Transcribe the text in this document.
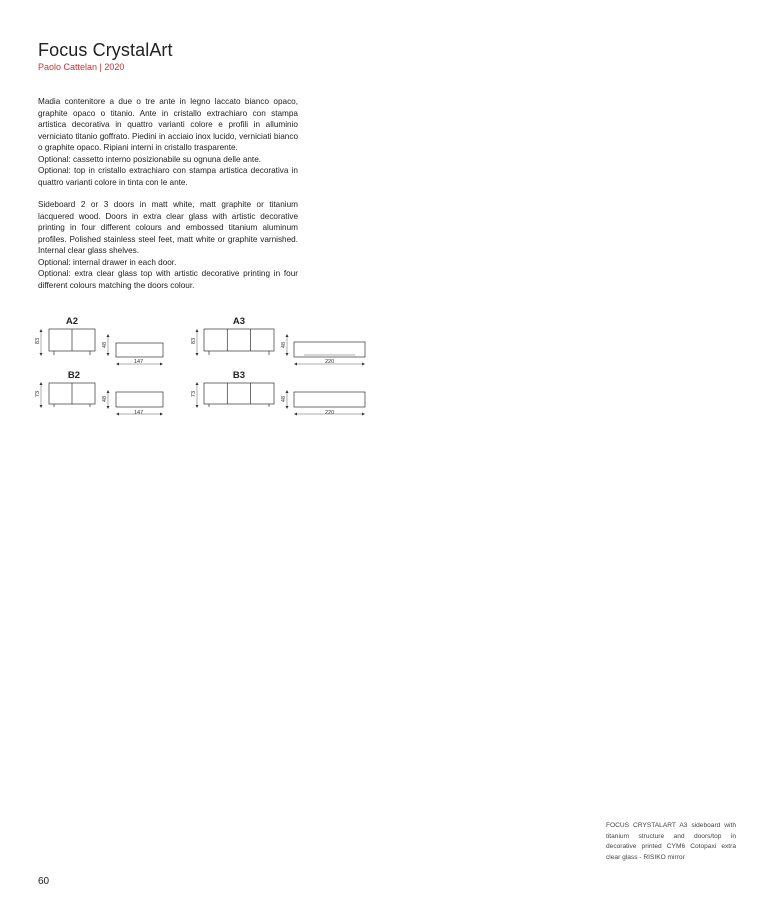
Focus CrystalArt
Paolo Cattelan | 2020

Madia contenitore a due o tre ante in legno laccato bianco opaco, graphite opaco o titanio. Ante in cristallo extrachiaro con stampa artistica decorativa in quattro varianti colore e profili in alluminio verniciato titanio goffrato. Piedini in acciaio inox lucido, verniciati bianco o graphite opaco. Ripiani interni in cristallo trasparente.

Optional: cassetto interno posizionabile su ognuna delle ante.

Optional: top in cristallo extrachiaro con stampa artistica decorativa in quattro varianti colore in tinta con le ante.

Sideboard 2 or 3 doors in matt white, matt graphite or titanium lacquered wood. Doors in extra clear glass with artistic decorative printing in four different colours and embossed titanium aluminum profiles. Polished stainless steel feet, matt white or graphite varnished. Internal clear glass shelves.

Optional: internal drawer in each door.

Optional: extra clear glass top with artistic decorative printing in four different colours matching the doors colour.

A2
83
48
147
A3
83
48
220
B2
73
48
147
B3
73
48
220

FOCUS CRYSTALART A3 sideboard with titanium structure and doors/top in decorative printed CYM6 Cotopaxi extra clear glass - RISIKO mirror

60
